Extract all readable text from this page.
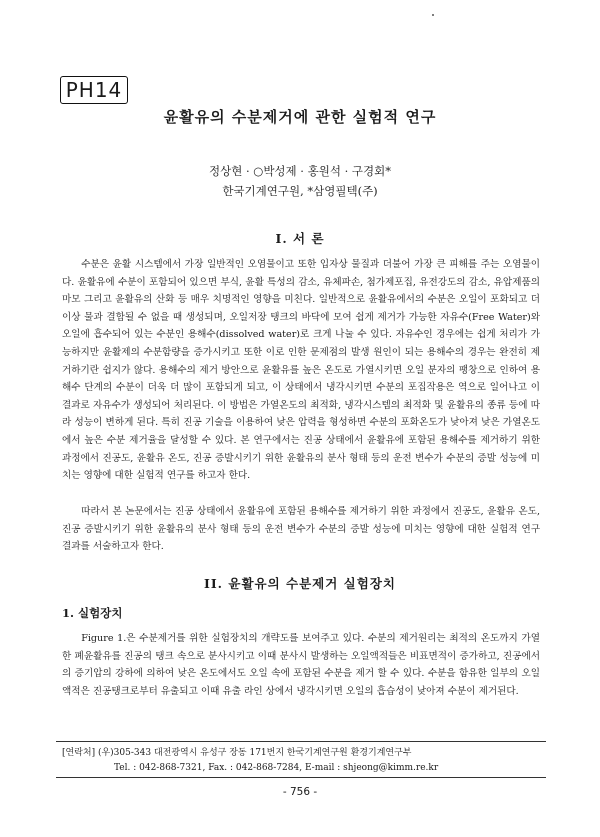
PH14
윤활유의 수분제거에 관한 실험적 연구
정상현 · ○박성제 · 홍원석 · 구경회*
한국기계연구원, *삼영필텍(주)
I. 서 론

수분은 윤활 시스템에서 가장 일반적인 오염물이고 또한 입자상 물질과 더불어 가장 큰 피해를 주는 오염물이다. 윤활유에 수분이 포함되어 있으면 부식, 윤활 특성의 감소, 유체파손, 첨가제포집, 유전강도의 감소, 유압제품의 마모 그리고 윤활유의 산화 등 매우 치명적인 영향을 미친다. 일반적으로 윤활유에서의 수분은 오일이 포화되고 더 이상 물과 결합될 수 없을 때 생성되며, 오일저장 탱크의 바닥에 모여 쉽게 제거가 가능한 자유수(Free Water)와 오일에 흡수되어 있는 수분인 용해수(dissolved water)로 크게 나눌 수 있다. 자유수인 경우에는 쉽게 처리가 가능하지만 윤활제의 수분함량을 증가시키고 또한 이로 인한 문제점의 발생 원인이 되는 용해수의 경우는 완전히 제거하기란 쉽지가 않다. 용해수의 제거 방안으로 윤활유를 높은 온도로 가열시키면 오일 분자의 팽창으로 인하여 용해수 단계의 수분이 더욱 더 많이 포함되게 되고, 이 상태에서 냉각시키면 수분의 포집작용은 역으로 일어나고 이 결과로 자유수가 생성되어 처리된다. 이 방법은 가열온도의 최적화, 냉각시스템의 최적화 및 윤활유의 종류 등에 따라 성능이 변하게 된다. 특히 진공 기술을 이용하여 낮은 압력을 형성하면 수분의 포화온도가 낮아져 낮은 가열온도에서 높은 수분 제거율을 달성할 수 있다. 본 연구에서는 진공 상태에서 윤활유에 포함된 용해수를 제거하기 위한 과정에서 진공도, 윤활유 온도, 진공 증발시키기 위한 윤활유의 분사 형태 등의 운전 변수가 수분의 증발 성능에 미치는 영향에 대한 실험적 연구를 하고자 한다.

따라서 본 논문에서는 진공 상태에서 윤활유에 포함된 용해수를 제거하기 위한 과정에서 진공도, 윤활유 온도, 진공 증발시키기 위한 윤활유의 분사 형태 등의 운전 변수가 수분의 증발 성능에 미치는 영향에 대한 실험적 연구 결과를 서술하고자 한다.

II. 윤활유의 수분제거 실험장치
1. 실험장치

Figure 1.은 수분제거를 위한 실험장치의 개략도를 보여주고 있다. 수분의 제거원리는 최적의 온도까지 가열한 폐윤활유를 진공의 탱크 속으로 분사시키고 이때 분사시 발생하는 오일액적들은 비표면적이 증가하고, 진공에서의 증기압의 강하에 의하여 낮은 온도에서도 오일 속에 포함된 수분을 제거 할 수 있다. 수분을 함유한 일부의 오일 액적은 진공탱크로부터 유출되고 이때 유출 라인 상에서 냉각시키면 오일의 흡습성이 낮아져 수분이 제거된다.

[연락처] (우)305-343 대전광역시 유성구 장동 171번지 한국기계연구원 환경기계연구부
Tel. : 042-868-7321, Fax. : 042-868-7284, E-mail : shjeong@kimm.re.kr
- 756 -
